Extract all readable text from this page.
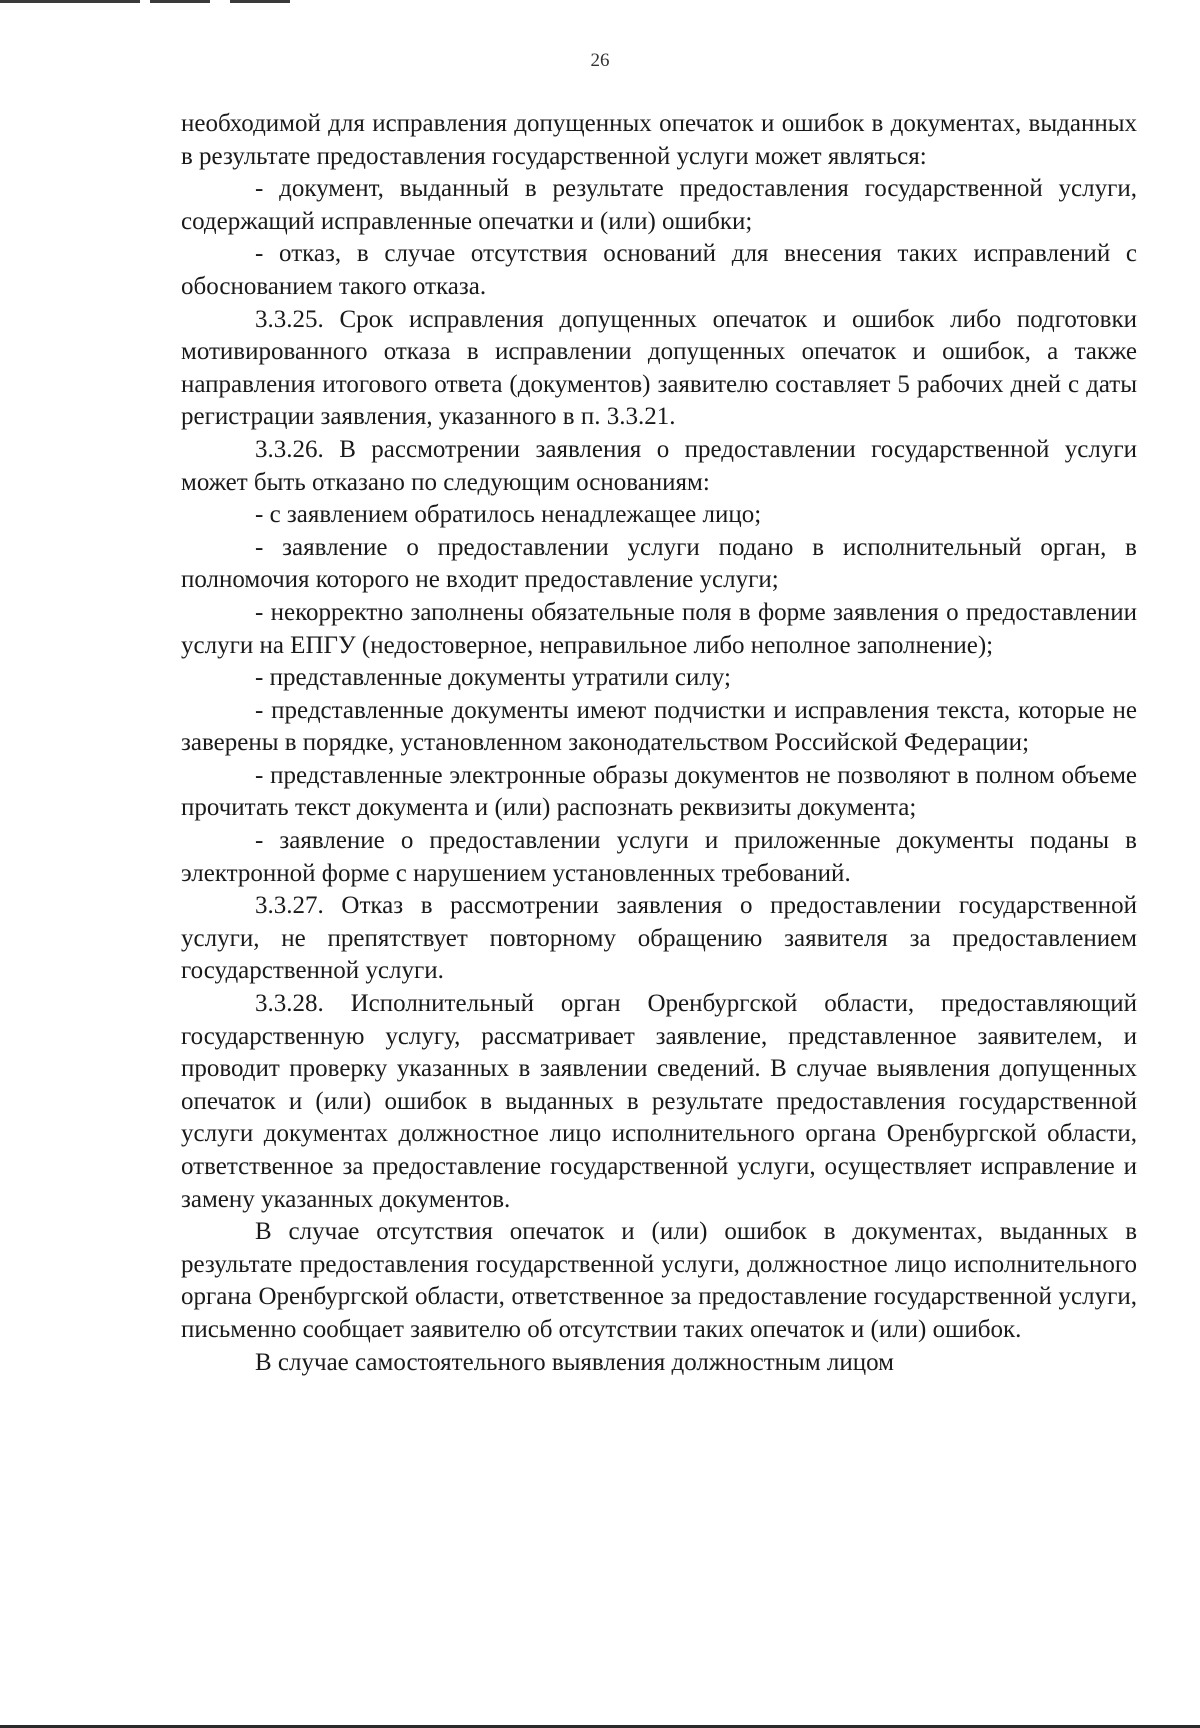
26

необходимой для исправления допущенных опечаток и ошибок в документах, выданных в результате предоставления государственной услуги может являться:

- документ, выданный в результате предоставления государственной услуги, содержащий исправленные опечатки и (или) ошибки;

- отказ, в случае отсутствия оснований для внесения таких исправлений с обоснованием такого отказа.

3.3.25. Срок исправления допущенных опечаток и ошибок либо подготовки мотивированного отказа в исправлении допущенных опечаток и ошибок, а также направления итогового ответа (документов) заявителю составляет 5 рабочих дней с даты регистрации заявления, указанного в п. 3.3.21.

3.3.26. В рассмотрении заявления о предоставлении государственной услуги может быть отказано по следующим основаниям:

- с заявлением обратилось ненадлежащее лицо;

- заявление о предоставлении услуги подано в исполнительный орган, в полномочия которого не входит предоставление услуги;

- некорректно заполнены обязательные поля в форме заявления о предоставлении услуги на ЕПГУ (недостоверное, неправильное либо неполное заполнение);

- представленные документы утратили силу;

- представленные документы имеют подчистки и исправления текста, которые не заверены в порядке, установленном законодательством Российской Федерации;

- представленные электронные образы документов не позволяют в полном объеме прочитать текст документа и (или) распознать реквизиты документа;

- заявление о предоставлении услуги и приложенные документы поданы в электронной форме с нарушением установленных требований.

3.3.27. Отказ в рассмотрении заявления о предоставлении государственной услуги, не препятствует повторному обращению заявителя за предоставлением государственной услуги.

3.3.28. Исполнительный орган Оренбургской области, предоставляющий государственную услугу, рассматривает заявление, представленное заявителем, и проводит проверку указанных в заявлении сведений. В случае выявления допущенных опечаток и (или) ошибок в выданных в результате предоставления государственной услуги документах должностное лицо исполнительного органа Оренбургской области, ответственное за предоставление государственной услуги, осуществляет исправление и замену указанных документов.

В случае отсутствия опечаток и (или) ошибок в документах, выданных в результате предоставления государственной услуги, должностное лицо исполнительного органа Оренбургской области, ответственное за предоставление государственной услуги, письменно сообщает заявителю об отсутствии таких опечаток и (или) ошибок.

В случае самостоятельного выявления должностным лицом
